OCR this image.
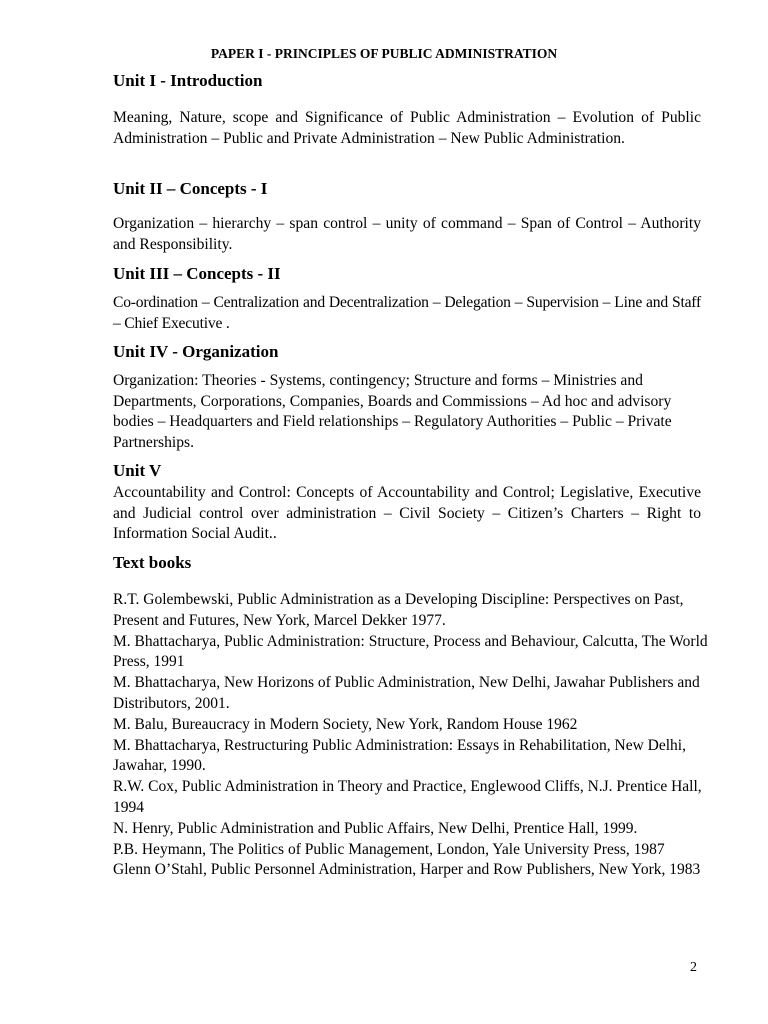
PAPER I - PRINCIPLES OF PUBLIC ADMINISTRATION
Unit I - Introduction
Meaning, Nature, scope and Significance of Public Administration – Evolution of Public Administration – Public and Private Administration – New Public Administration.
Unit II – Concepts - I
Organization – hierarchy – span control – unity of command – Span of Control – Authority and Responsibility.
Unit III – Concepts - II
Co-ordination – Centralization and Decentralization – Delegation – Supervision – Line and Staff – Chief Executive .
Unit IV - Organization
Organization: Theories - Systems, contingency; Structure and forms – Ministries and Departments, Corporations, Companies, Boards and Commissions – Ad hoc and advisory bodies – Headquarters and Field relationships – Regulatory Authorities – Public – Private Partnerships.
Unit V
Accountability and Control: Concepts of Accountability and Control; Legislative, Executive and Judicial control over administration – Civil Society – Citizen’s Charters – Right to Information Social Audit..
Text books
R.T. Golembewski, Public Administration as a Developing Discipline: Perspectives on Past, Present and Futures, New York, Marcel Dekker 1977.
M. Bhattacharya, Public Administration: Structure, Process and Behaviour, Calcutta, The World Press, 1991
M. Bhattacharya, New Horizons of Public Administration, New Delhi, Jawahar Publishers and Distributors, 2001.
M. Balu, Bureaucracy in Modern Society, New York, Random House 1962
M. Bhattacharya, Restructuring Public Administration: Essays in Rehabilitation, New Delhi, Jawahar, 1990.
R.W. Cox, Public Administration in Theory and Practice, Englewood Cliffs, N.J. Prentice Hall, 1994
N. Henry, Public Administration and Public Affairs, New Delhi, Prentice Hall, 1999.
P.B. Heymann, The Politics of Public Management, London, Yale University Press, 1987
Glenn O’Stahl, Public Personnel Administration, Harper and Row Publishers, New York, 1983
2
